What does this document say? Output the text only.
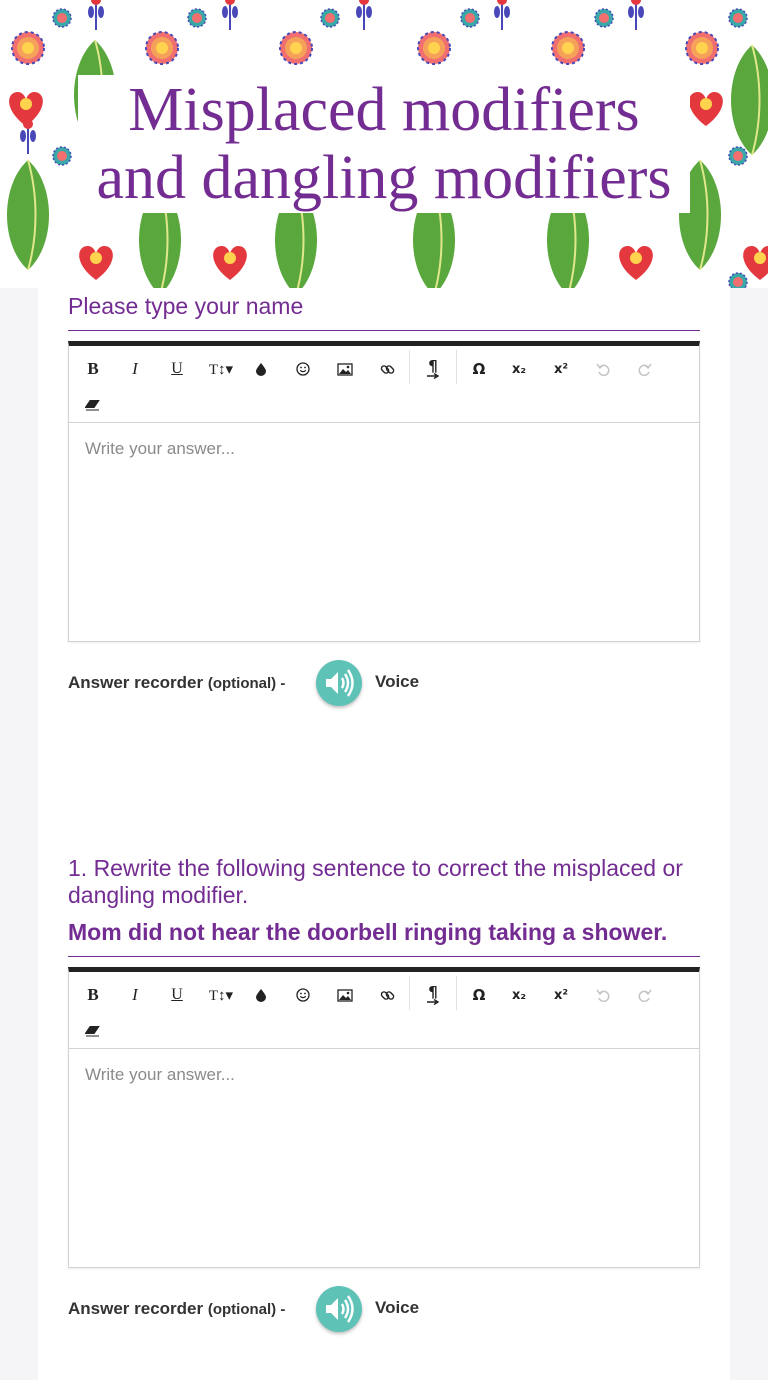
Misplaced modifiers and dangling modifiers
Please type your name
B	I	U	T↕▾	¶	Ω	x₂	x²
Write your answer...
Answer recorder (optional) -	Voice
1. Rewrite the following sentence to correct the misplaced or dangling modifier.
Mom did not hear the doorbell ringing taking a shower.
B	I	U	T↕▾	¶	Ω	x₂	x²
Write your answer...
Answer recorder (optional) -	Voice
